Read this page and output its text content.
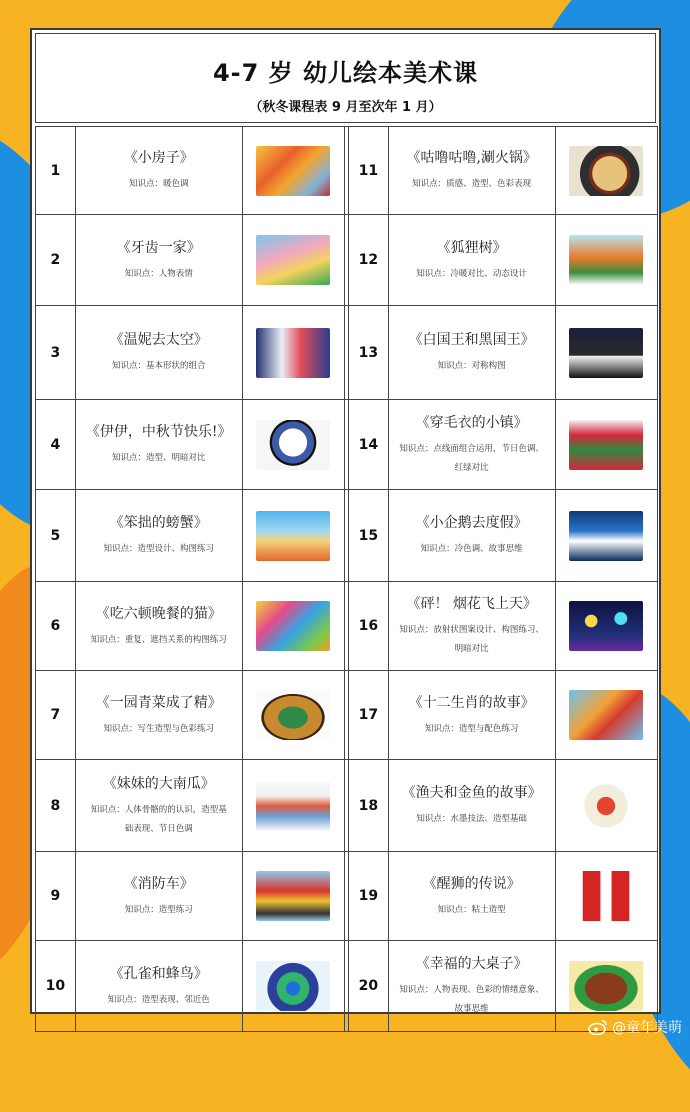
4-7 岁 幼儿绘本美术课
（秋冬课程表 9 月至次年 1 月）
1
《小房子》
知识点：暖色调
11
《咕噜咕噜,涮火锅》
知识点：质感、造型、色彩表现
2
《牙齿一家》
知识点：人物表情
12
《狐狸树》
知识点：冷暖对比、动态设计
3
《温妮去太空》
知识点：基本形状的组合
13
《白国王和黑国王》
知识点：对称构图
4
《伊伊，中秋节快乐!》
知识点：造型、明暗对比
14
《穿毛衣的小镇》
知识点：点线面组合运用，节日色调、
红绿对比
5
《笨拙的螃蟹》
知识点：造型设计、构图练习
15
《小企鹅去度假》
知识点：冷色调、故事思维
6
《吃六顿晚餐的猫》
知识点：重复、遮挡关系的构图练习
16
《砰！ 烟花飞上天》
知识点：放射状图案设计、构图练习、
明暗对比
7
《一园青菜成了精》
知识点：写生造型与色彩练习
17
《十二生肖的故事》
知识点：造型与配色练习
8
《妹妹的大南瓜》
知识点：人体骨骼的的认识，造型基
础表现、节日色调
18
《渔夫和金鱼的故事》
知识点：水墨技法、造型基础
9
《消防车》
知识点：造型练习
19
《醒狮的传说》
知识点：粘土造型
10
《孔雀和蜂鸟》
知识点：造型表现、邻近色
20
《幸福的大桌子》
知识点：人物表现、色彩的情绪意象、
故事思维
@童年美萌
